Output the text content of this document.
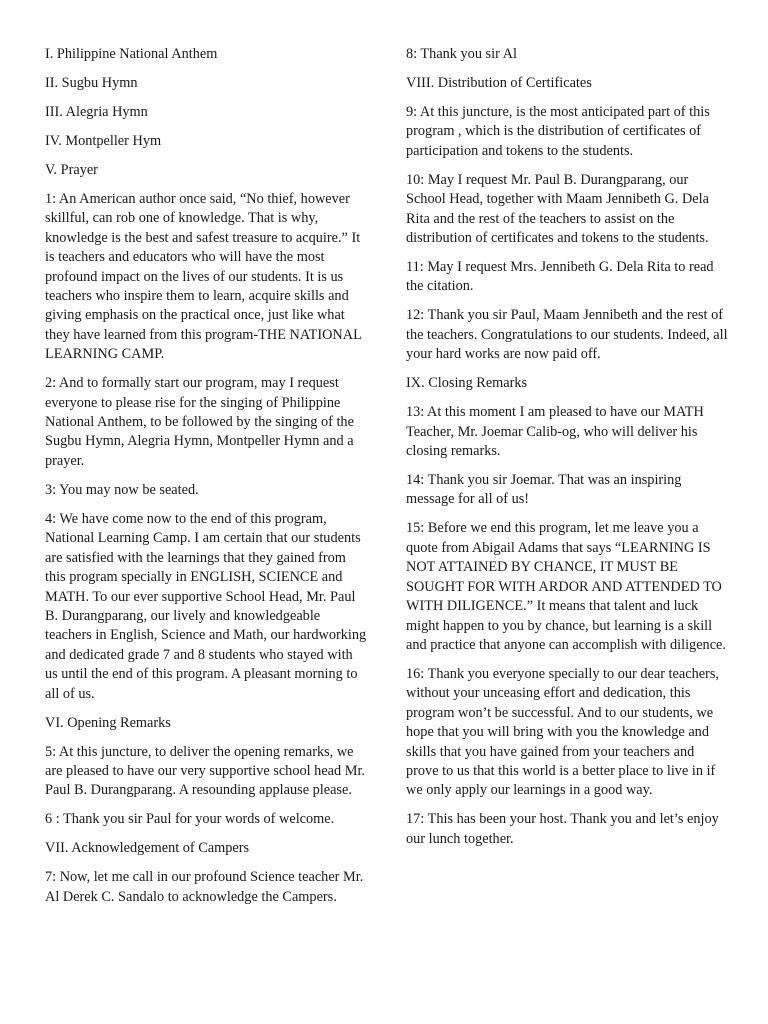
I. Philippine National Anthem

II. Sugbu Hymn

III. Alegria Hymn

IV. Montpeller Hym

V. Prayer

1: An American author once said, “No thief, however skillful, can rob one of knowledge. That is why, knowledge is the best and safest treasure to acquire.” It is teachers and educators who will have the most profound impact on the lives of our students. It is us teachers who inspire them to learn, acquire skills and giving emphasis on the practical once, just like what they have learned from this program-THE NATIONAL LEARNING CAMP.

2: And to formally start our program, may I request everyone to please rise for the singing of Philippine National Anthem, to be followed by the singing of the Sugbu Hymn, Alegria Hymn, Montpeller Hymn and a prayer.

3: You may now be seated.

4: We have come now to the end of this program, National Learning Camp. I am certain that our students are satisfied with the learnings that they gained from this program specially in ENGLISH, SCIENCE and MATH. To our ever supportive School Head, Mr. Paul B. Durangparang, our lively and knowledgeable teachers in English, Science and Math, our hardworking and dedicated grade 7 and 8 students who stayed with us until the end of this program. A pleasant morning to all of us.

VI. Opening Remarks

5: At this juncture, to deliver the opening remarks, we are pleased to have our very supportive school head Mr. Paul B. Durangparang. A resounding applause please.

6 : Thank you sir Paul for your words of welcome.

VII. Acknowledgement of Campers

7: Now, let me call in our profound Science teacher Mr. Al Derek C. Sandalo to acknowledge the Campers.

8: Thank you sir Al

VIII. Distribution of Certificates

9: At this juncture, is the most anticipated part of this program , which is the distribution of certificates of participation and tokens to the students.

10: May I request Mr. Paul B. Durangparang, our School Head, together with Maam Jennibeth G. Dela Rita and the rest of the teachers to assist on the distribution of certificates and tokens to the students.

11: May I request Mrs. Jennibeth G. Dela Rita to read the citation.

12: Thank you sir Paul, Maam Jennibeth and the rest of the teachers. Congratulations to our students. Indeed, all your hard works are now paid off.

IX. Closing Remarks

13: At this moment I am pleased to have our MATH Teacher, Mr. Joemar Calib-og, who will deliver his closing remarks.

14: Thank you sir Joemar. That was an inspiring message for all of us!

15: Before we end this program, let me leave you a quote from Abigail Adams that says “LEARNING IS NOT ATTAINED BY CHANCE, IT MUST BE SOUGHT FOR WITH ARDOR AND ATTENDED TO WITH DILIGENCE.” It means that talent and luck might happen to you by chance, but learning is a skill and practice that anyone can accomplish with diligence.

16: Thank you everyone specially to our dear teachers, without your unceasing effort and dedication, this program won’t be successful. And to our students, we hope that you will bring with you the knowledge and skills that you have gained from your teachers and prove to us that this world is a better place to live in if we only apply our learnings in a good way.

17: This has been your host. Thank you and let’s enjoy our lunch together.
